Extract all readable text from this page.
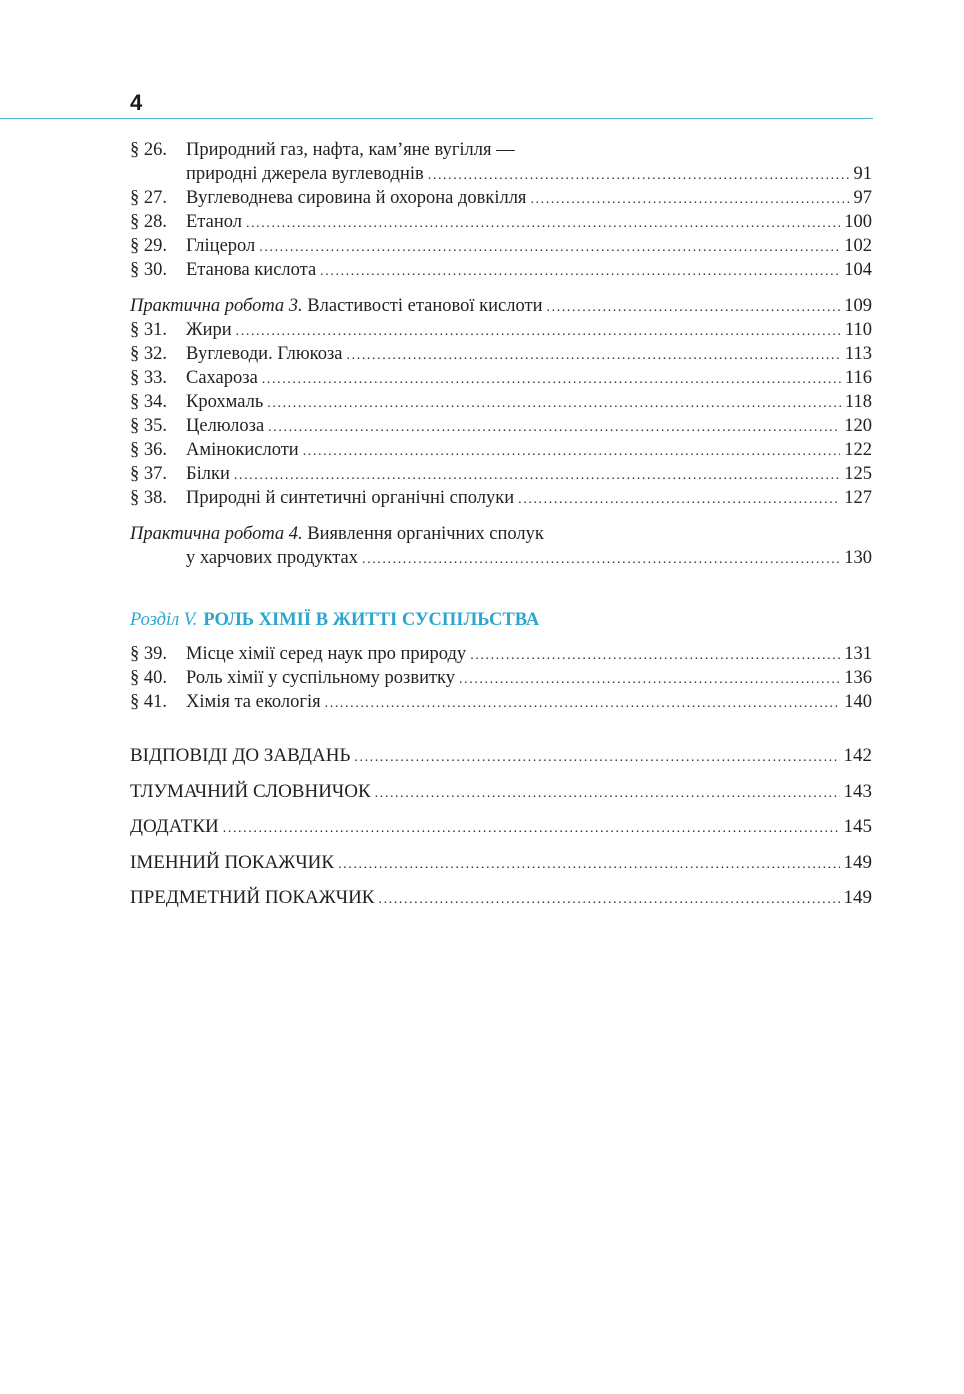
4
§ 26.	Природний газ, нафта, кам’яне вугілля —
природні джерела вуглеводнів .....	91
§ 27.	Вуглеводнева сировина й охорона довкілля .....	97
§ 28.	Етанол .....	100
§ 29.	Гліцерол .....	102
§ 30.	Етанова кислота .....	104
Практична робота 3. Властивості етанової кислоти .....	109
§ 31.	Жири .....	110
§ 32.	Вуглеводи. Глюкоза .....	113
§ 33.	Сахароза .....	116
§ 34.	Крохмаль .....	118
§ 35.	Целюлоза .....	120
§ 36.	Амінокислоти .....	122
§ 37.	Білки .....	125
§ 38.	Природні й синтетичні органічні сполуки .....	127
Практична робота 4. Виявлення органічних сполук
у харчових продуктах .....	130
Розділ V. РОЛЬ ХІМІЇ В ЖИТТІ СУСПІЛЬСТВА
§ 39.	Місце хімії серед наук про природу .....	131
§ 40.	Роль хімії у суспільному розвитку .....	136
§ 41.	Хімія та екологія .....	140
ВІДПОВІДІ ДО ЗАВДАНЬ .....	142
ТЛУМАЧНИЙ СЛОВНИЧОК .....	143
ДОДАТКИ .....	145
ІМЕННИЙ ПОКАЖЧИК .....	149
ПРЕДМЕТНИЙ ПОКАЖЧИК .....	149
